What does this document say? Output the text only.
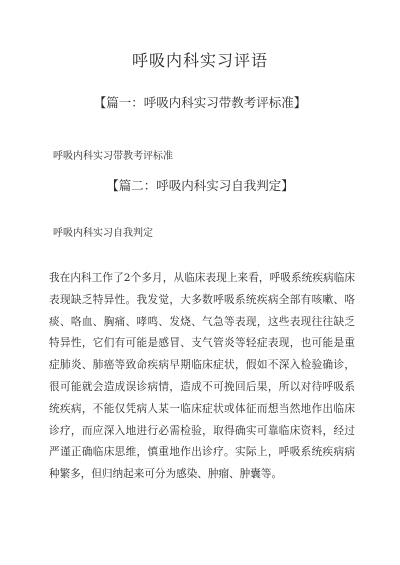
呼吸内科实习评语
【篇一：呼吸内科实习带教考评标准】
呼吸内科实习带教考评标准
【篇二：呼吸内科实习自我判定】
呼吸内科实习自我判定
我在内科工作了2个多月，从临床表现上来看，呼吸系统疾病临床表现缺乏特异性。我发觉，大多数呼吸系统疾病全部有咳嗽、咯痰、咯血、胸痛、哮鸣、发烧、气急等表现，这些表现往往缺乏特异性，它们有可能是感冒、支气管炎等轻症表现，也可能是重症肺炎、肺癌等致命疾病早期临床症状，假如不深入检验确诊，很可能就会造成误诊病情，造成不可挽回后果，所以对待呼吸系统疾病，不能仅凭病人某一临床症状或体征而想当然地作出临床诊疗，而应深入地进行必需检验，取得确实可靠临床资料，经过严谨正确临床思维，慎重地作出诊疗。实际上，呼吸系统疾病病种繁多，但归纳起来可分为感染、肿瘤、肿囊等。
